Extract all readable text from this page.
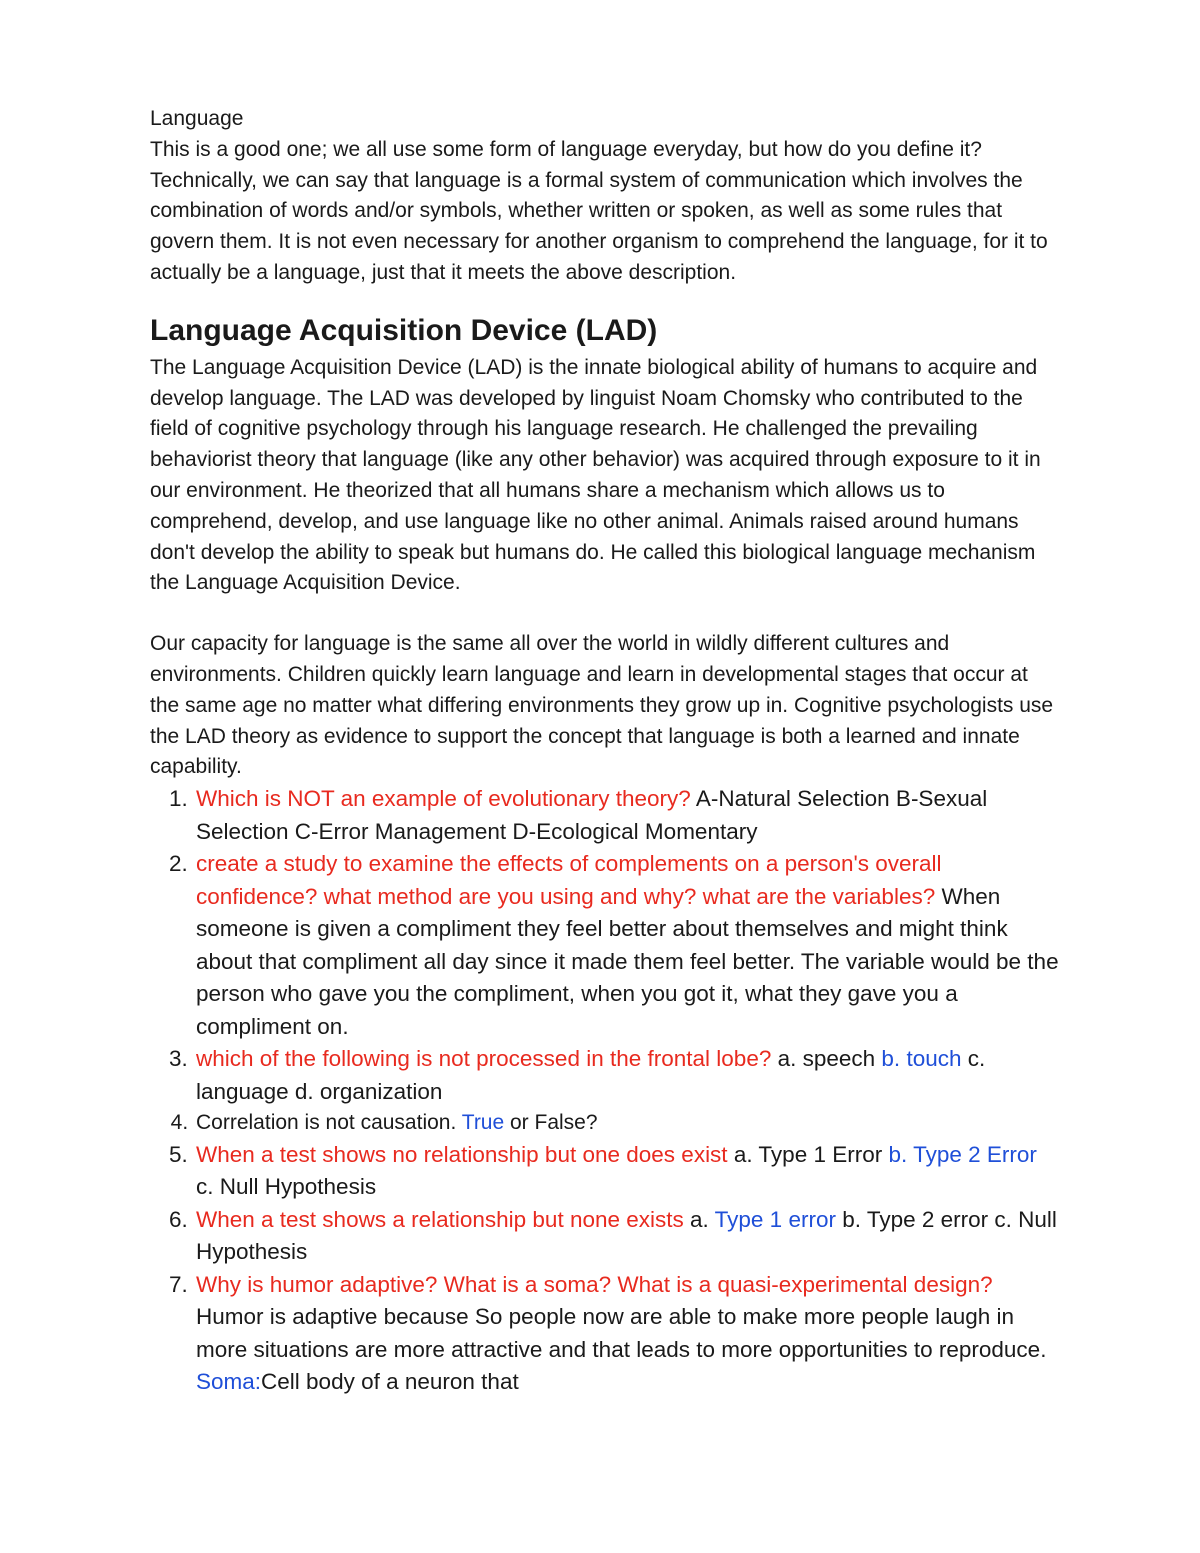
Language

This is a good one; we all use some form of language everyday, but how do you define it? Technically, we can say that language is a formal system of communication which involves the combination of words and/or symbols, whether written or spoken, as well as some rules that govern them. It is not even necessary for another organism to comprehend the language, for it to actually be a language, just that it meets the above description.

Language Acquisition Device (LAD)

The Language Acquisition Device (LAD) is the innate biological ability of humans to acquire and develop language. The LAD was developed by linguist Noam Chomsky who contributed to the field of cognitive psychology through his language research. He challenged the prevailing behaviorist theory that language (like any other behavior) was acquired through exposure to it in our environment. He theorized that all humans share a mechanism which allows us to comprehend, develop, and use language like no other animal. Animals raised around humans don't develop the ability to speak but humans do. He called this biological language mechanism the Language Acquisition Device.

Our capacity for language is the same all over the world in wildly different cultures and environments. Children quickly learn language and learn in developmental stages that occur at the same age no matter what differing environments they grow up in. Cognitive psychologists use the LAD theory as evidence to support the concept that language is both a learned and innate capability.

1. Which is NOT an example of evolutionary theory? A-Natural Selection B-Sexual Selection C-Error Management D-Ecological Momentary
2. create a study to examine the effects of complements on a person's overall confidence? what method are you using and why? what are the variables? When someone is given a compliment they feel better about themselves and might think about that compliment all day since it made them feel better. The variable would be the person who gave you the compliment, when you got it, what they gave you a compliment on.
3. which of the following is not processed in the frontal lobe? a. speech b. touch c. language d. organization
4. Correlation is not causation. True or False?
5. When a test shows no relationship but one does exist a. Type 1 Error b. Type 2 Error c. Null Hypothesis
6. When a test shows a relationship but none exists a. Type 1 error b. Type 2 error c. Null Hypothesis
7. Why is humor adaptive? What is a soma? What is a quasi-experimental design? Humor is adaptive because So people now are able to make more people laugh in more situations are more attractive and that leads to more opportunities to reproduce. Soma:Cell body of a neuron that
